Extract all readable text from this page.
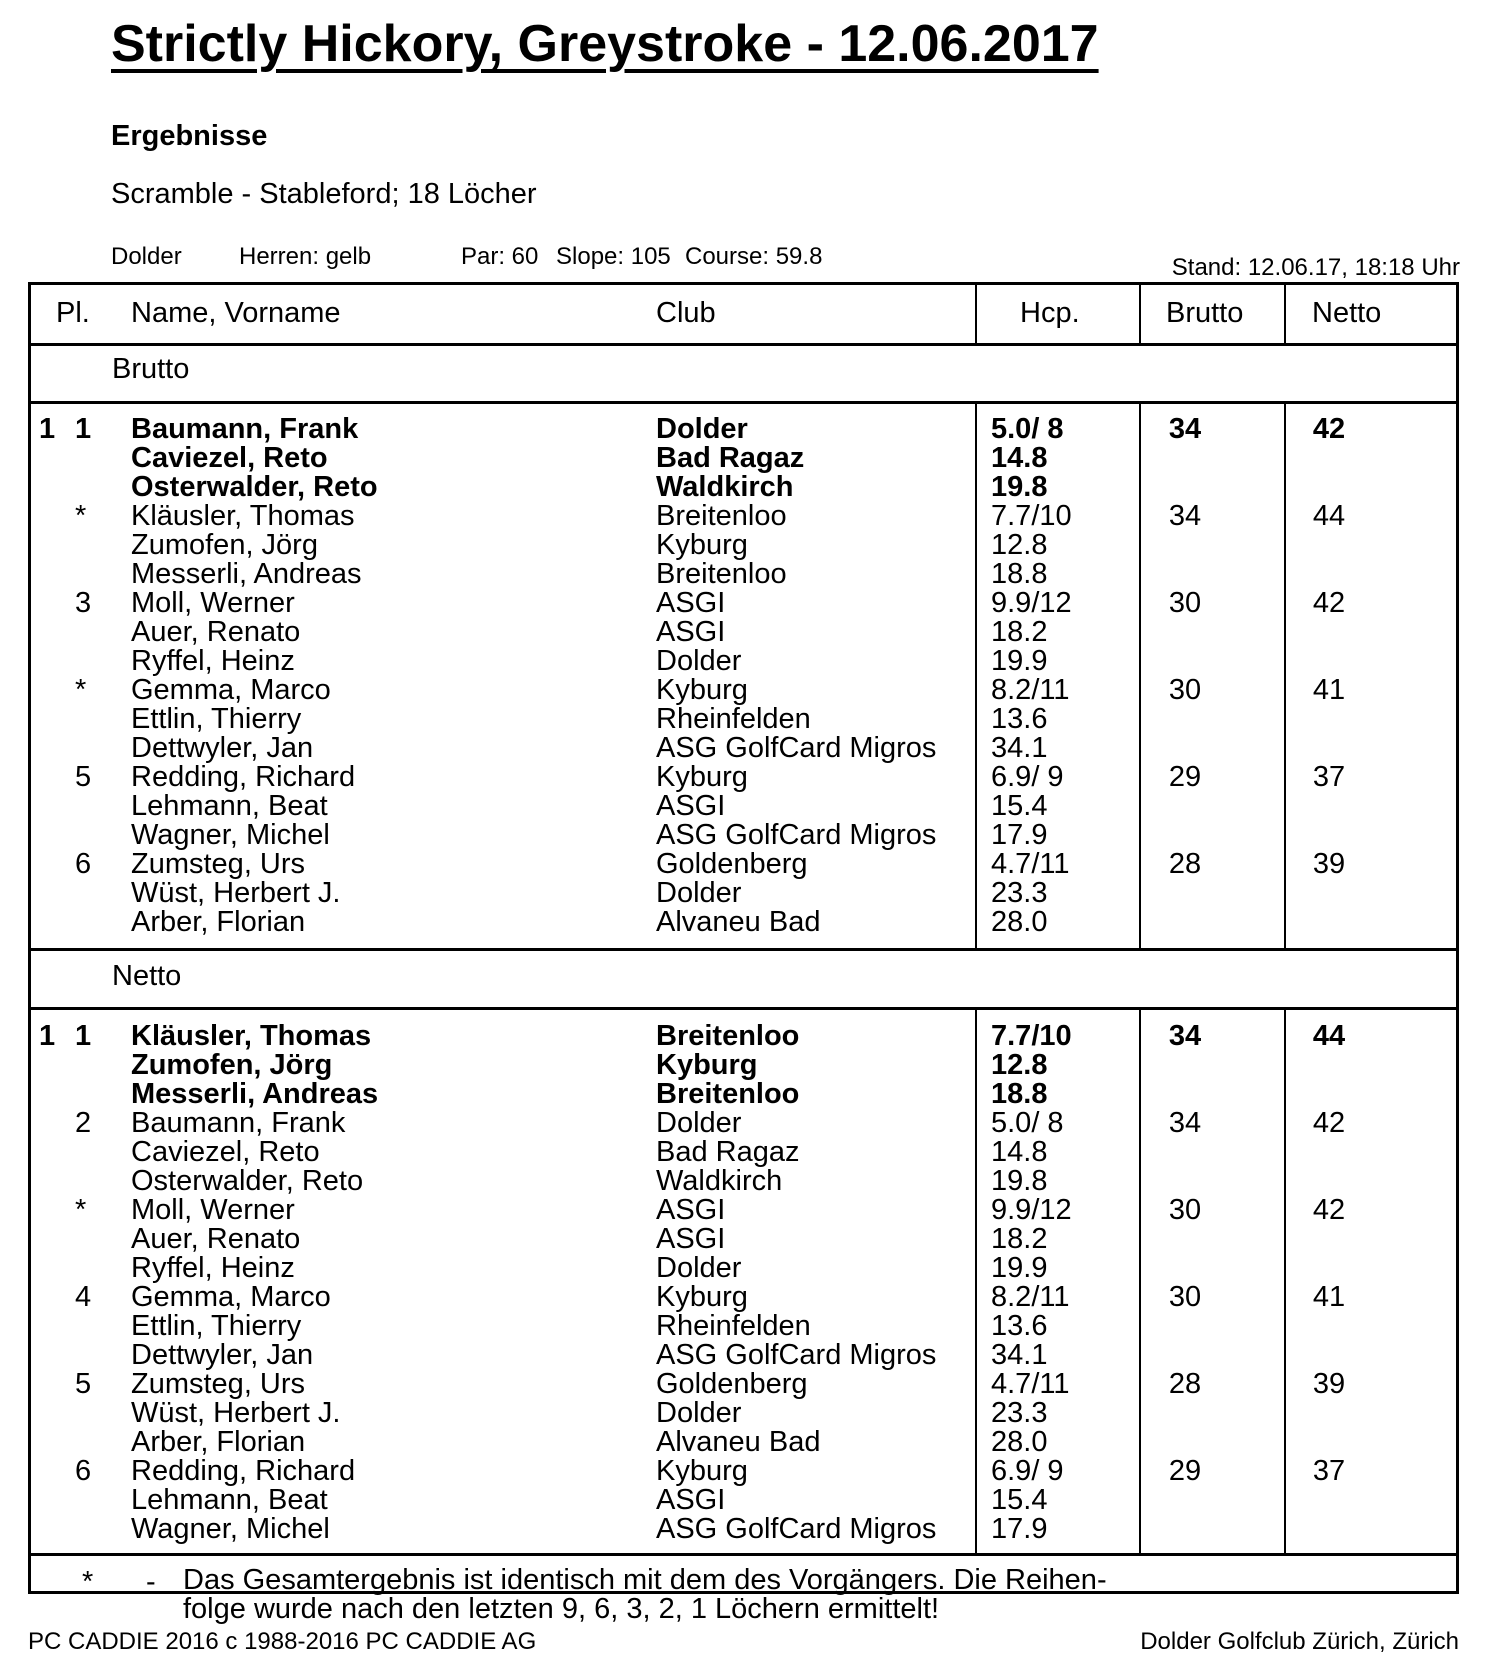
Strictly Hickory, Greystroke - 12.06.2017
Ergebnisse
Scramble - Stableford; 18 Löcher
Dolder Herren: gelb	Par: 60 Slope: 105 Course: 59.8	Stand: 12.06.17, 18:18 Uhr
Pl. Name, Vorname	Club	Hcp.	Brutto Netto
Brutto
1 1 Baumann, Frank	Dolder	5.0/ 8	34	42
Caviezel, Reto	Bad Ragaz	14.8
Osterwalder, Reto	Waldkirch	19.8
* Kläusler, Thomas	Breitenloo	7.7/10	34	44
Zumofen, Jörg	Kyburg	12.8
Messerli, Andreas	Breitenloo	18.8
3 Moll, Werner	ASGI	9.9/12	30	42
Auer, Renato	ASGI	18.2
Ryffel, Heinz	Dolder	19.9
* Gemma, Marco	Kyburg	8.2/11	30	41
Ettlin, Thierry	Rheinfelden	13.6
Dettwyler, Jan	ASG GolfCard Migros 34.1
5 Redding, Richard	Kyburg	6.9/ 9	29	37
Lehmann, Beat	ASGI	15.4
Wagner, Michel	ASG GolfCard Migros 17.9
6 Zumsteg, Urs	Goldenberg	4.7/11	28	39
Wüst, Herbert J.	Dolder	23.3
Arber, Florian	Alvaneu Bad	28.0
Netto
1 1 Kläusler, Thomas	Breitenloo	7.7/10	34	44
Zumofen, Jörg	Kyburg	12.8
Messerli, Andreas	Breitenloo	18.8
2 Baumann, Frank	Dolder	5.0/ 8	34	42
Caviezel, Reto	Bad Ragaz	14.8
Osterwalder, Reto	Waldkirch	19.8
* Moll, Werner	ASGI	9.9/12	30	42
Auer, Renato	ASGI	18.2
Ryffel, Heinz	Dolder	19.9
4 Gemma, Marco	Kyburg	8.2/11	30	41
Ettlin, Thierry	Rheinfelden	13.6
Dettwyler, Jan	ASG GolfCard Migros 34.1
5 Zumsteg, Urs	Goldenberg	4.7/11	28	39
Wüst, Herbert J.	Dolder	23.3
Arber, Florian	Alvaneu Bad	28.0
6 Redding, Richard	Kyburg	6.9/ 9	29	37
Lehmann, Beat	ASGI	15.4
Wagner, Michel	ASG GolfCard Migros 17.9
* - Das Gesamtergebnis ist identisch mit dem des Vorgängers. Die Reihen-
folge wurde nach den letzten 9, 6, 3, 2, 1 Löchern ermittelt!
PC CADDIE 2016 c 1988-2016 PC CADDIE AG	Dolder Golfclub Zürich, Zürich
